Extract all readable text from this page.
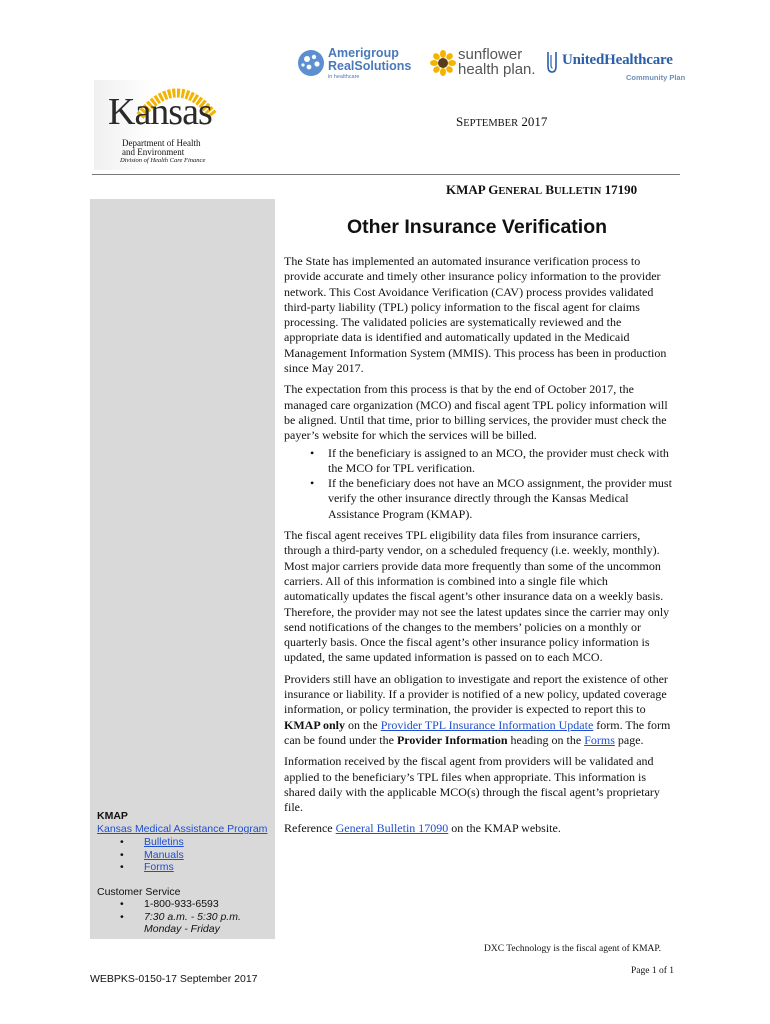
Amerigroup
RealSolutions
in healthcare
sunflower
health plan.
UnitedHealthcare
Community Plan
Kansas
Department of Health
and Environment
Division of Health Care Finance
SEPTEMBER 2017
KMAP GENERAL BULLETIN 17190
KMAP
Kansas Medical Assistance Program
• Bulletins
• Manuals
• Forms
Customer Service
• 1-800-933-6593
• 7:30 a.m. - 5:30 p.m.
Monday - Friday
Other Insurance Verification

The State has implemented an automated insurance verification process to provide accurate and timely other insurance policy information to the provider network. This Cost Avoidance Verification (CAV) process provides validated third-party liability (TPL) policy information to the fiscal agent for claims processing. The validated policies are systematically reviewed and the appropriate data is identified and automatically updated in the Medicaid Management Information System (MMIS). This process has been in production since May 2017.

The expectation from this process is that by the end of October 2017, the managed care organization (MCO) and fiscal agent TPL policy information will be aligned. Until that time, prior to billing services, the provider must check the payer’s website for which the services will be billed.

• If the beneficiary is assigned to an MCO, the provider must check with the MCO for TPL verification.
• If the beneficiary does not have an MCO assignment, the provider must verify the other insurance directly through the Kansas Medical Assistance Program (KMAP).

The fiscal agent receives TPL eligibility data files from insurance carriers, through a third-party vendor, on a scheduled frequency (i.e. weekly, monthly). Most major carriers provide data more frequently than some of the uncommon carriers. All of this information is combined into a single file which automatically updates the fiscal agent’s other insurance data on a weekly basis. Therefore, the provider may not see the latest updates since the carrier may only send notifications of the changes to the members’ policies on a monthly or quarterly basis. Once the fiscal agent’s other insurance policy information is updated, the same updated information is passed on to each MCO.

Providers still have an obligation to investigate and report the existence of other insurance or liability. If a provider is notified of a new policy, updated coverage information, or policy termination, the provider is expected to report this to KMAP only on the Provider TPL Insurance Information Update form. The form can be found under the Provider Information heading on the Forms page.

Information received by the fiscal agent from providers will be validated and applied to the beneficiary’s TPL files when appropriate. This information is shared daily with the applicable MCO(s) through the fiscal agent’s proprietary file.

Reference General Bulletin 17090 on the KMAP website.

DXC Technology is the fiscal agent of KMAP.
Page 1 of 1
WEBPKS-0150-17 September 2017
